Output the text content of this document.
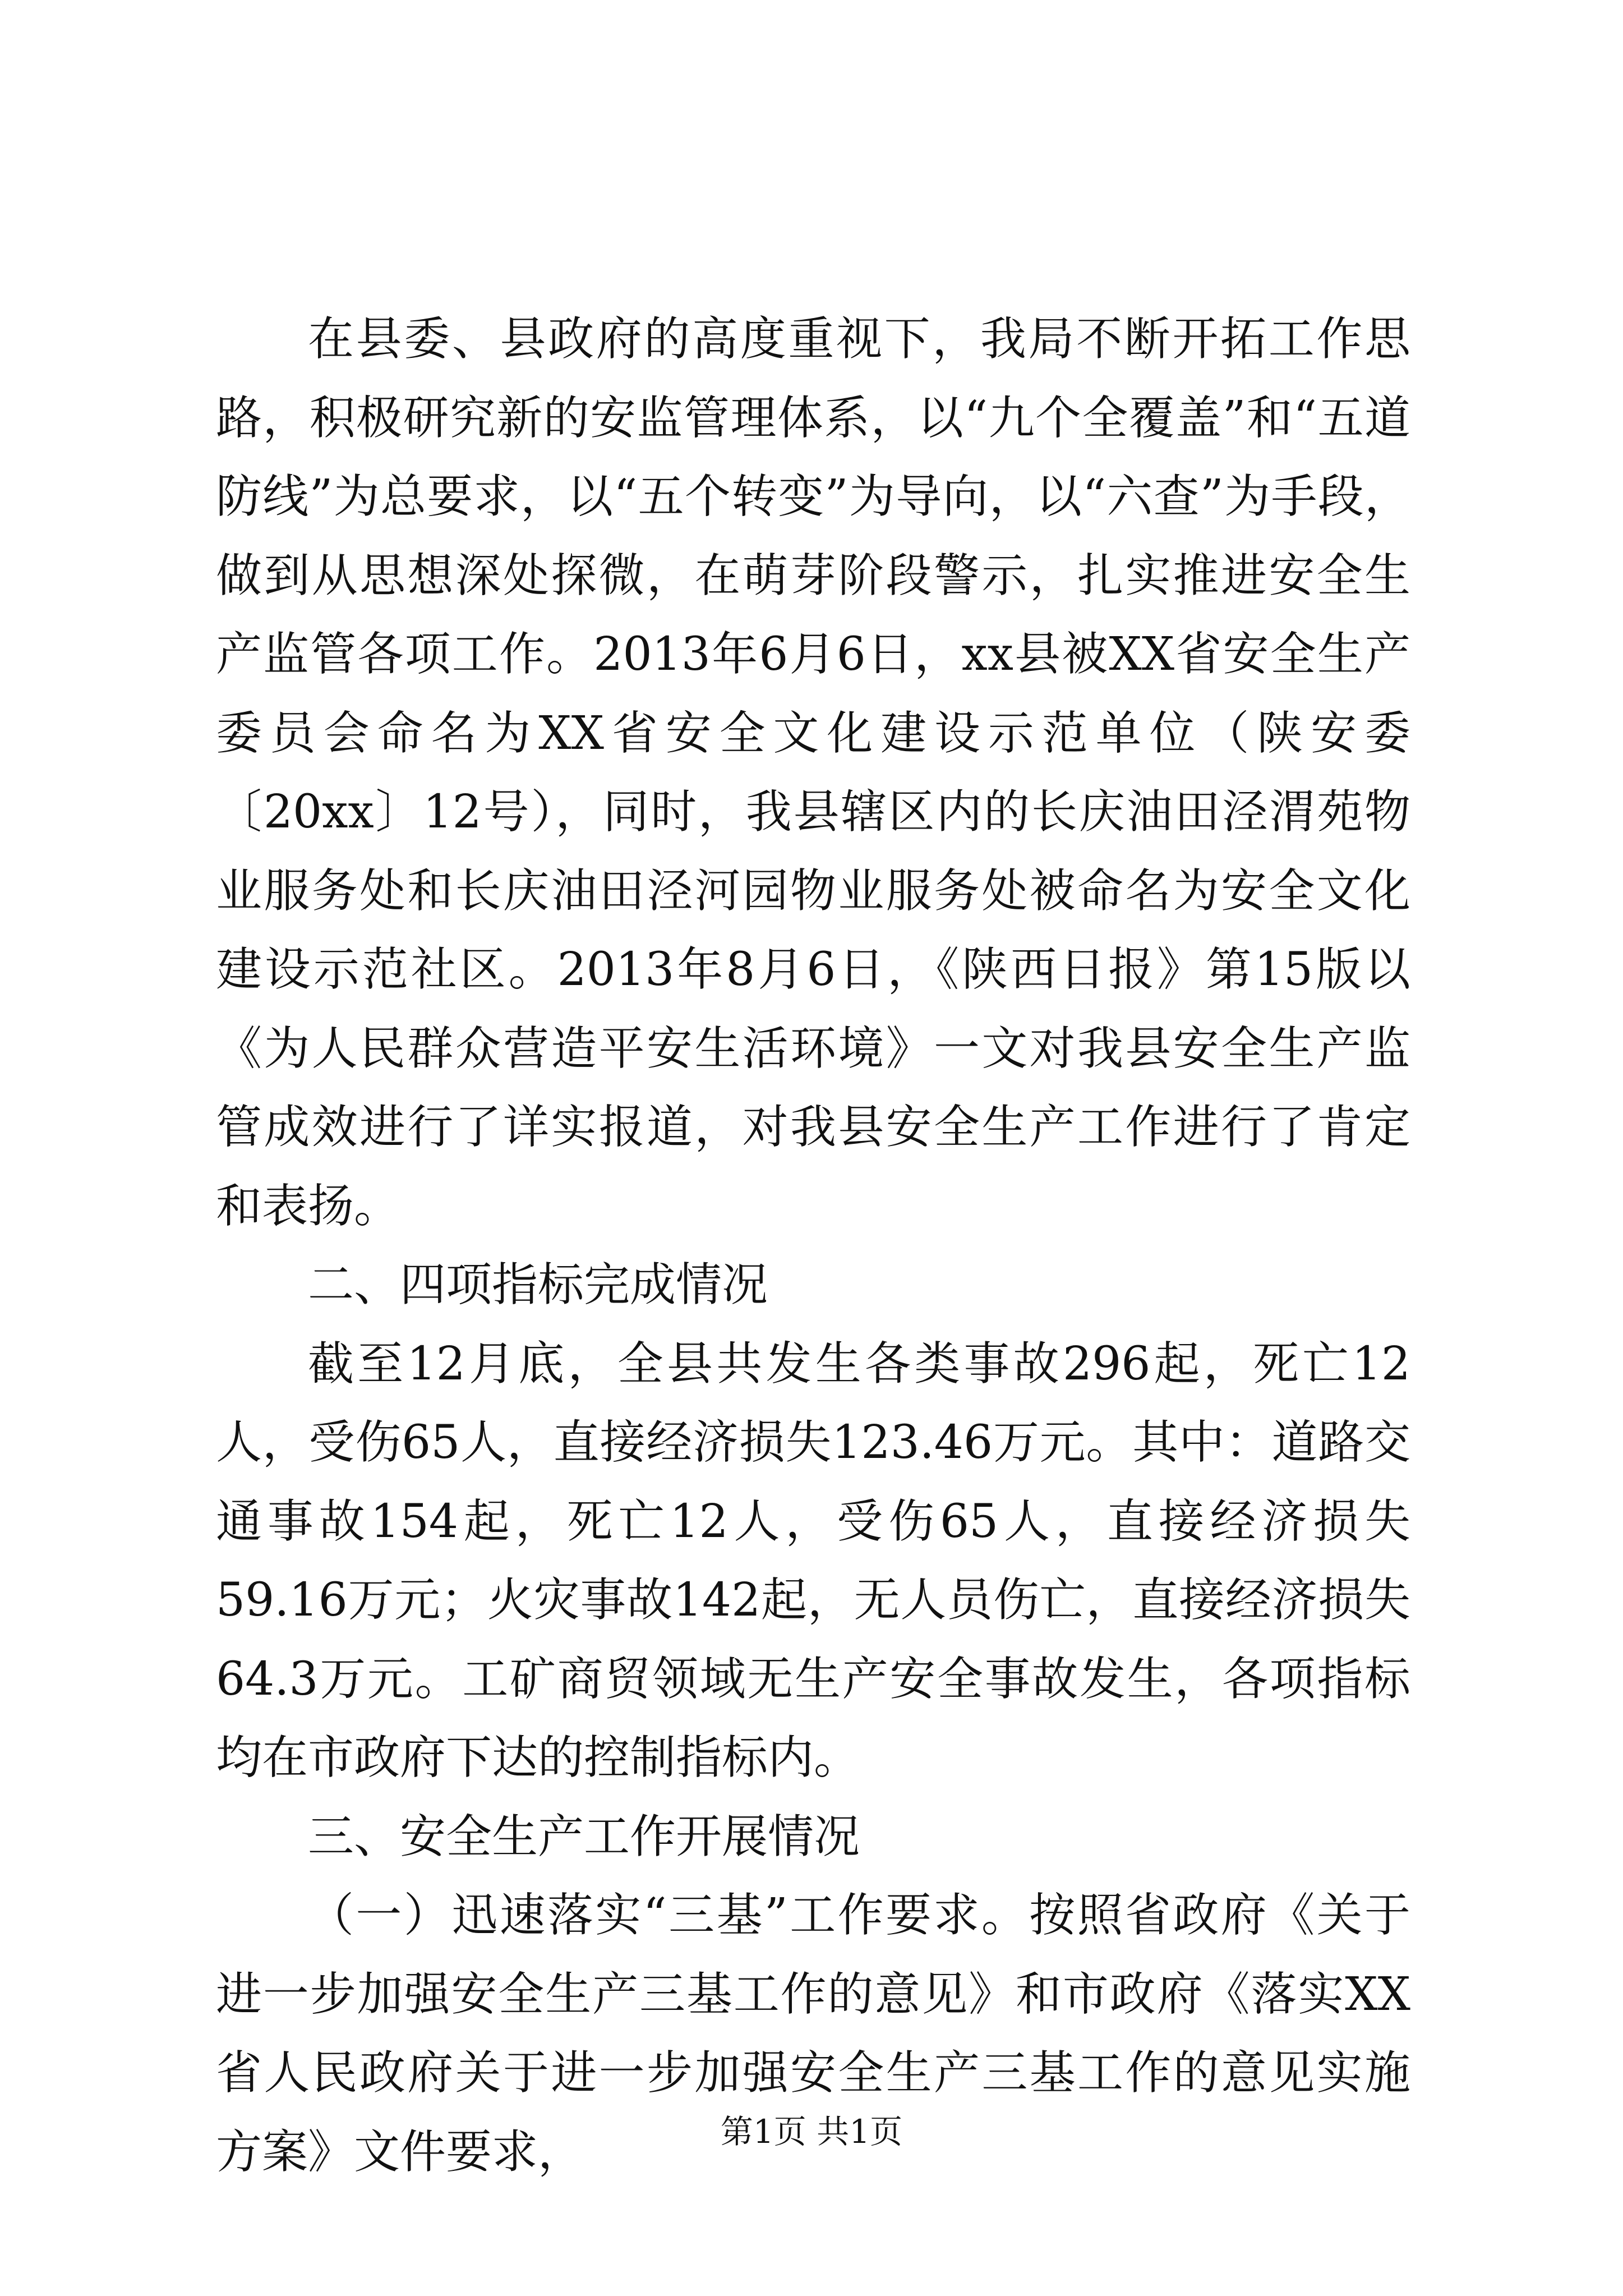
在县委、县政府的高度重视下，我局不断开拓工作思路，积极研究新的安监管理体系，以“九个全覆盖”和“五道防线”为总要求，以“五个转变”为导向，以“六查”为手段，做到从思想深处探微，在萌芽阶段警示，扎实推进安全生产监管各项工作。2013年6月6日，xx县被XX省安全生产委员会命名为XX省安全文化建设示范单位（陕安委〔20xx〕12号），同时，我县辖区内的长庆油田泾渭苑物业服务处和长庆油田泾河园物业服务处被命名为安全文化建设示范社区。2013年8月6日，《陕西日报》第15版以《为人民群众营造平安生活环境》一文对我县安全生产监管成效进行了详实报道，对我县安全生产工作进行了肯定和表扬。

二、四项指标完成情况

截至12月底，全县共发生各类事故296起，死亡12人，受伤65人，直接经济损失123.46万元。其中：道路交通事故154起，死亡12人，受伤65人，直接经济损失59.16万元；火灾事故142起，无人员伤亡，直接经济损失64.3万元。工矿商贸领域无生产安全事故发生，各项指标均在市政府下达的控制指标内。

三、安全生产工作开展情况

（一）迅速落实“三基”工作要求。按照省政府《关于进一步加强安全生产三基工作的意见》和市政府《落实XX省人民政府关于进一步加强安全生产三基工作的意见实施方案》文件要求，	第1页 共1页
